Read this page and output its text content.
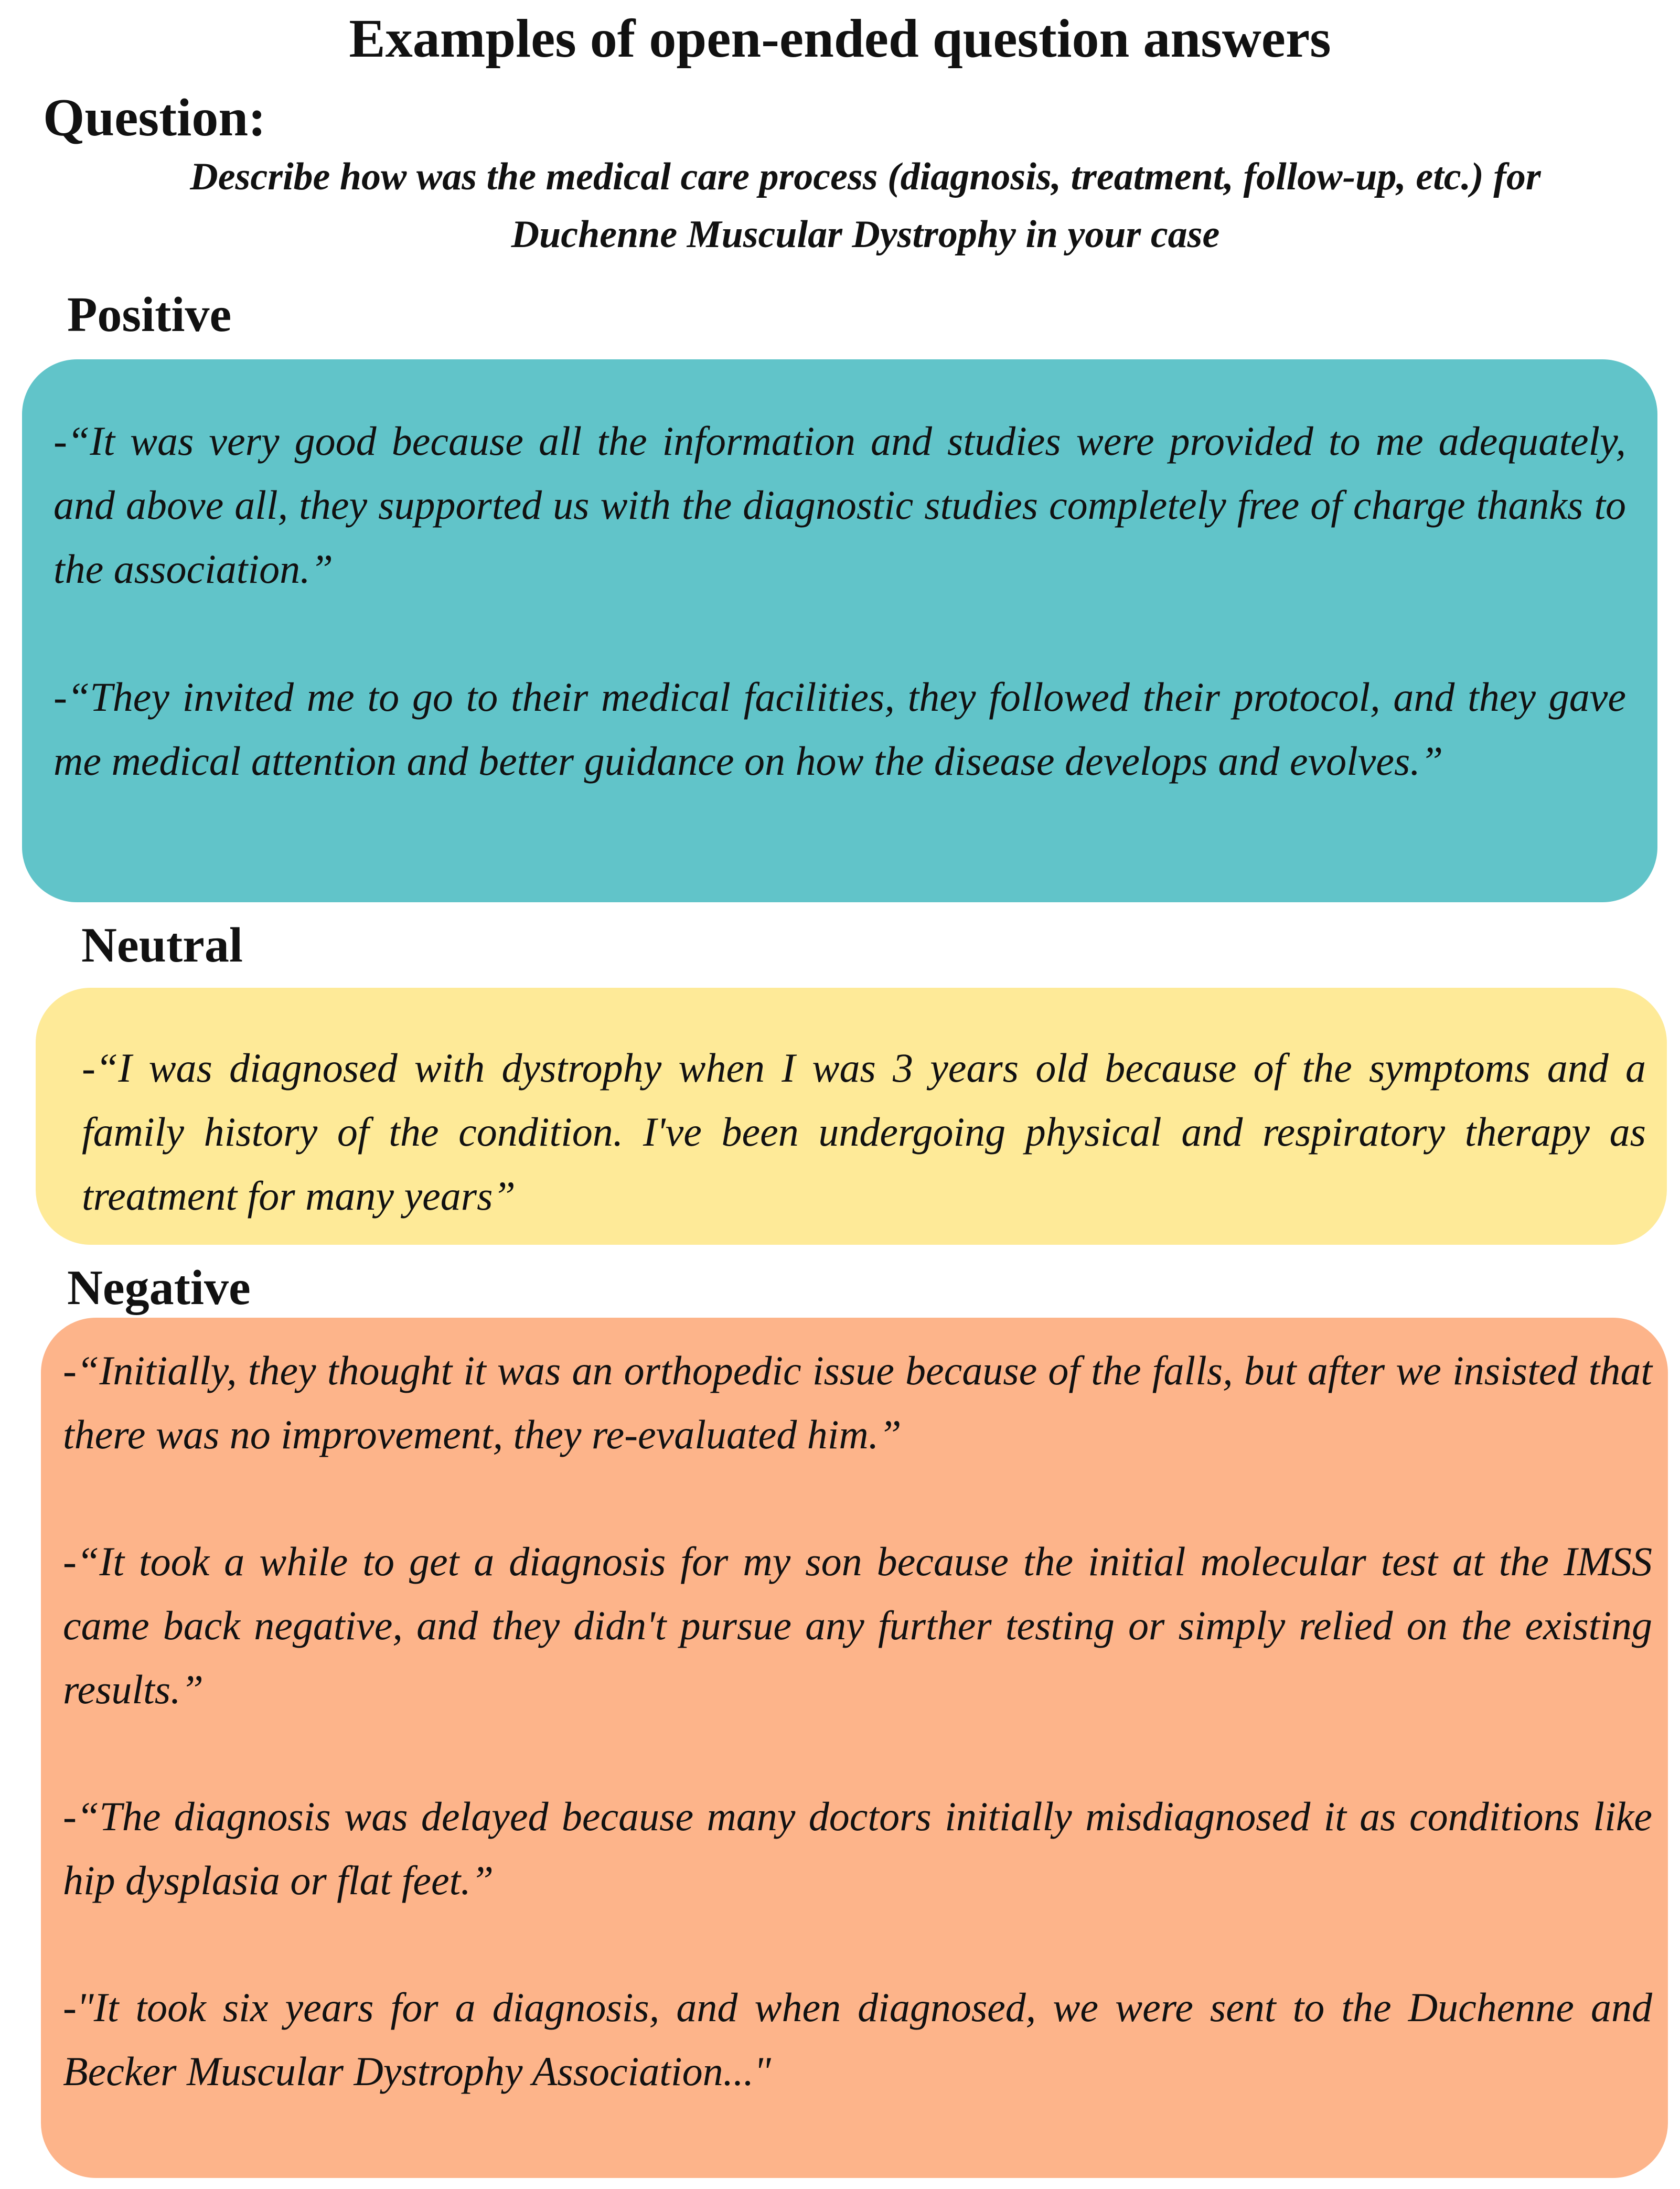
Examples of open-ended question answers
Question:
Describe how was the medical care process (diagnosis, treatment, follow-up, etc.) for Duchenne Muscular Dystrophy in your case
Positive

-“It was very good because all the information and studies were provided to me adequately, and above all, they supported us with the diagnostic studies completely free of charge thanks to the association.”

-“They invited me to go to their medical facilities, they followed their protocol, and they gave me medical attention and better guidance on how the disease develops and evolves.”

Neutral

-“I was diagnosed with dystrophy when I was 3 years old because of the symptoms and a family history of the condition. I've been undergoing physical and respiratory therapy as treatment for many years”

Negative

-“Initially, they thought it was an orthopedic issue because of the falls, but after we insisted that there was no improvement, they re-evaluated him.”

-“It took a while to get a diagnosis for my son because the initial molecular test at the IMSS came back negative, and they didn't pursue any further testing or simply relied on the existing results.”

-“The diagnosis was delayed because many doctors initially misdiagnosed it as conditions like hip dysplasia or flat feet.”

-"It took six years for a diagnosis, and when diagnosed, we were sent to the Duchenne and Becker Muscular Dystrophy Association..."
